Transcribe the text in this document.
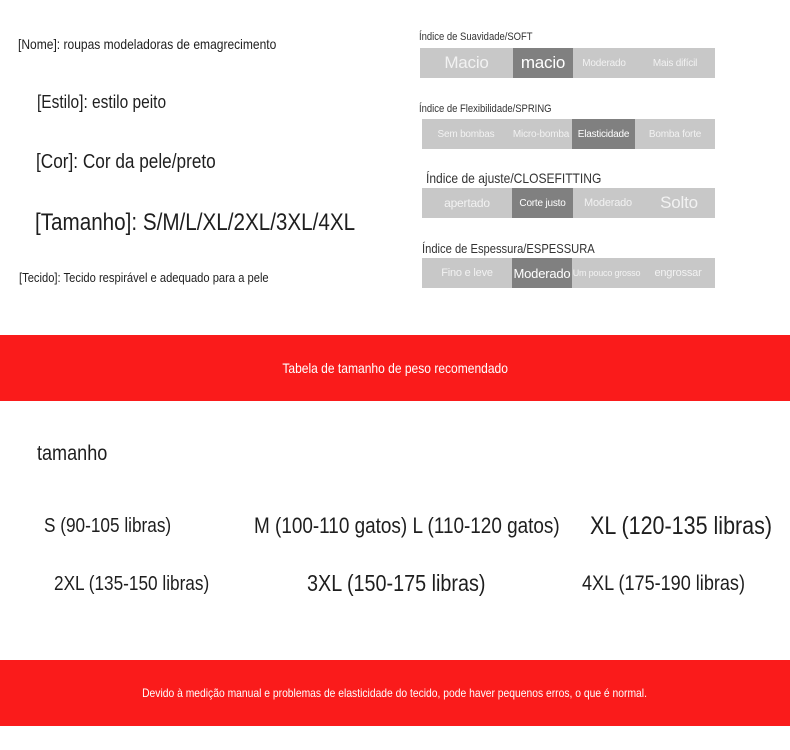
[Nome]: roupas modeladoras de emagrecimento
[Estilo]: estilo peito
[Cor]: Cor da pele/preto
[Tamanho]: S/M/L/XL/2XL/3XL/4XL
[Tecido]: Tecido respirável e adequado para a pele
Índice de Suavidade/SOFT
Macio	macio	Moderado	Mais difícil
Índice de Flexibilidade/SPRING
Sem bombas	Micro-bomba Elasticidade	Bomba forte
Índice de ajuste/CLOSEFITTING
apertado	Corte justo	Moderado	Solto
Índice de Espessura/ESPESSURA
Fino e leve	Moderado Um pouco grosso	engrossar
Tabela de tamanho de peso recomendado
tamanho
S (90-105 libras)	M (100-110 gatos) L (110-120 gatos) XL (120-135 libras)
2XL (135-150 libras)	3XL (150-175 libras)	4XL (175-190 libras)
Devido à medição manual e problemas de elasticidade do tecido, pode haver pequenos erros, o que é normal.
